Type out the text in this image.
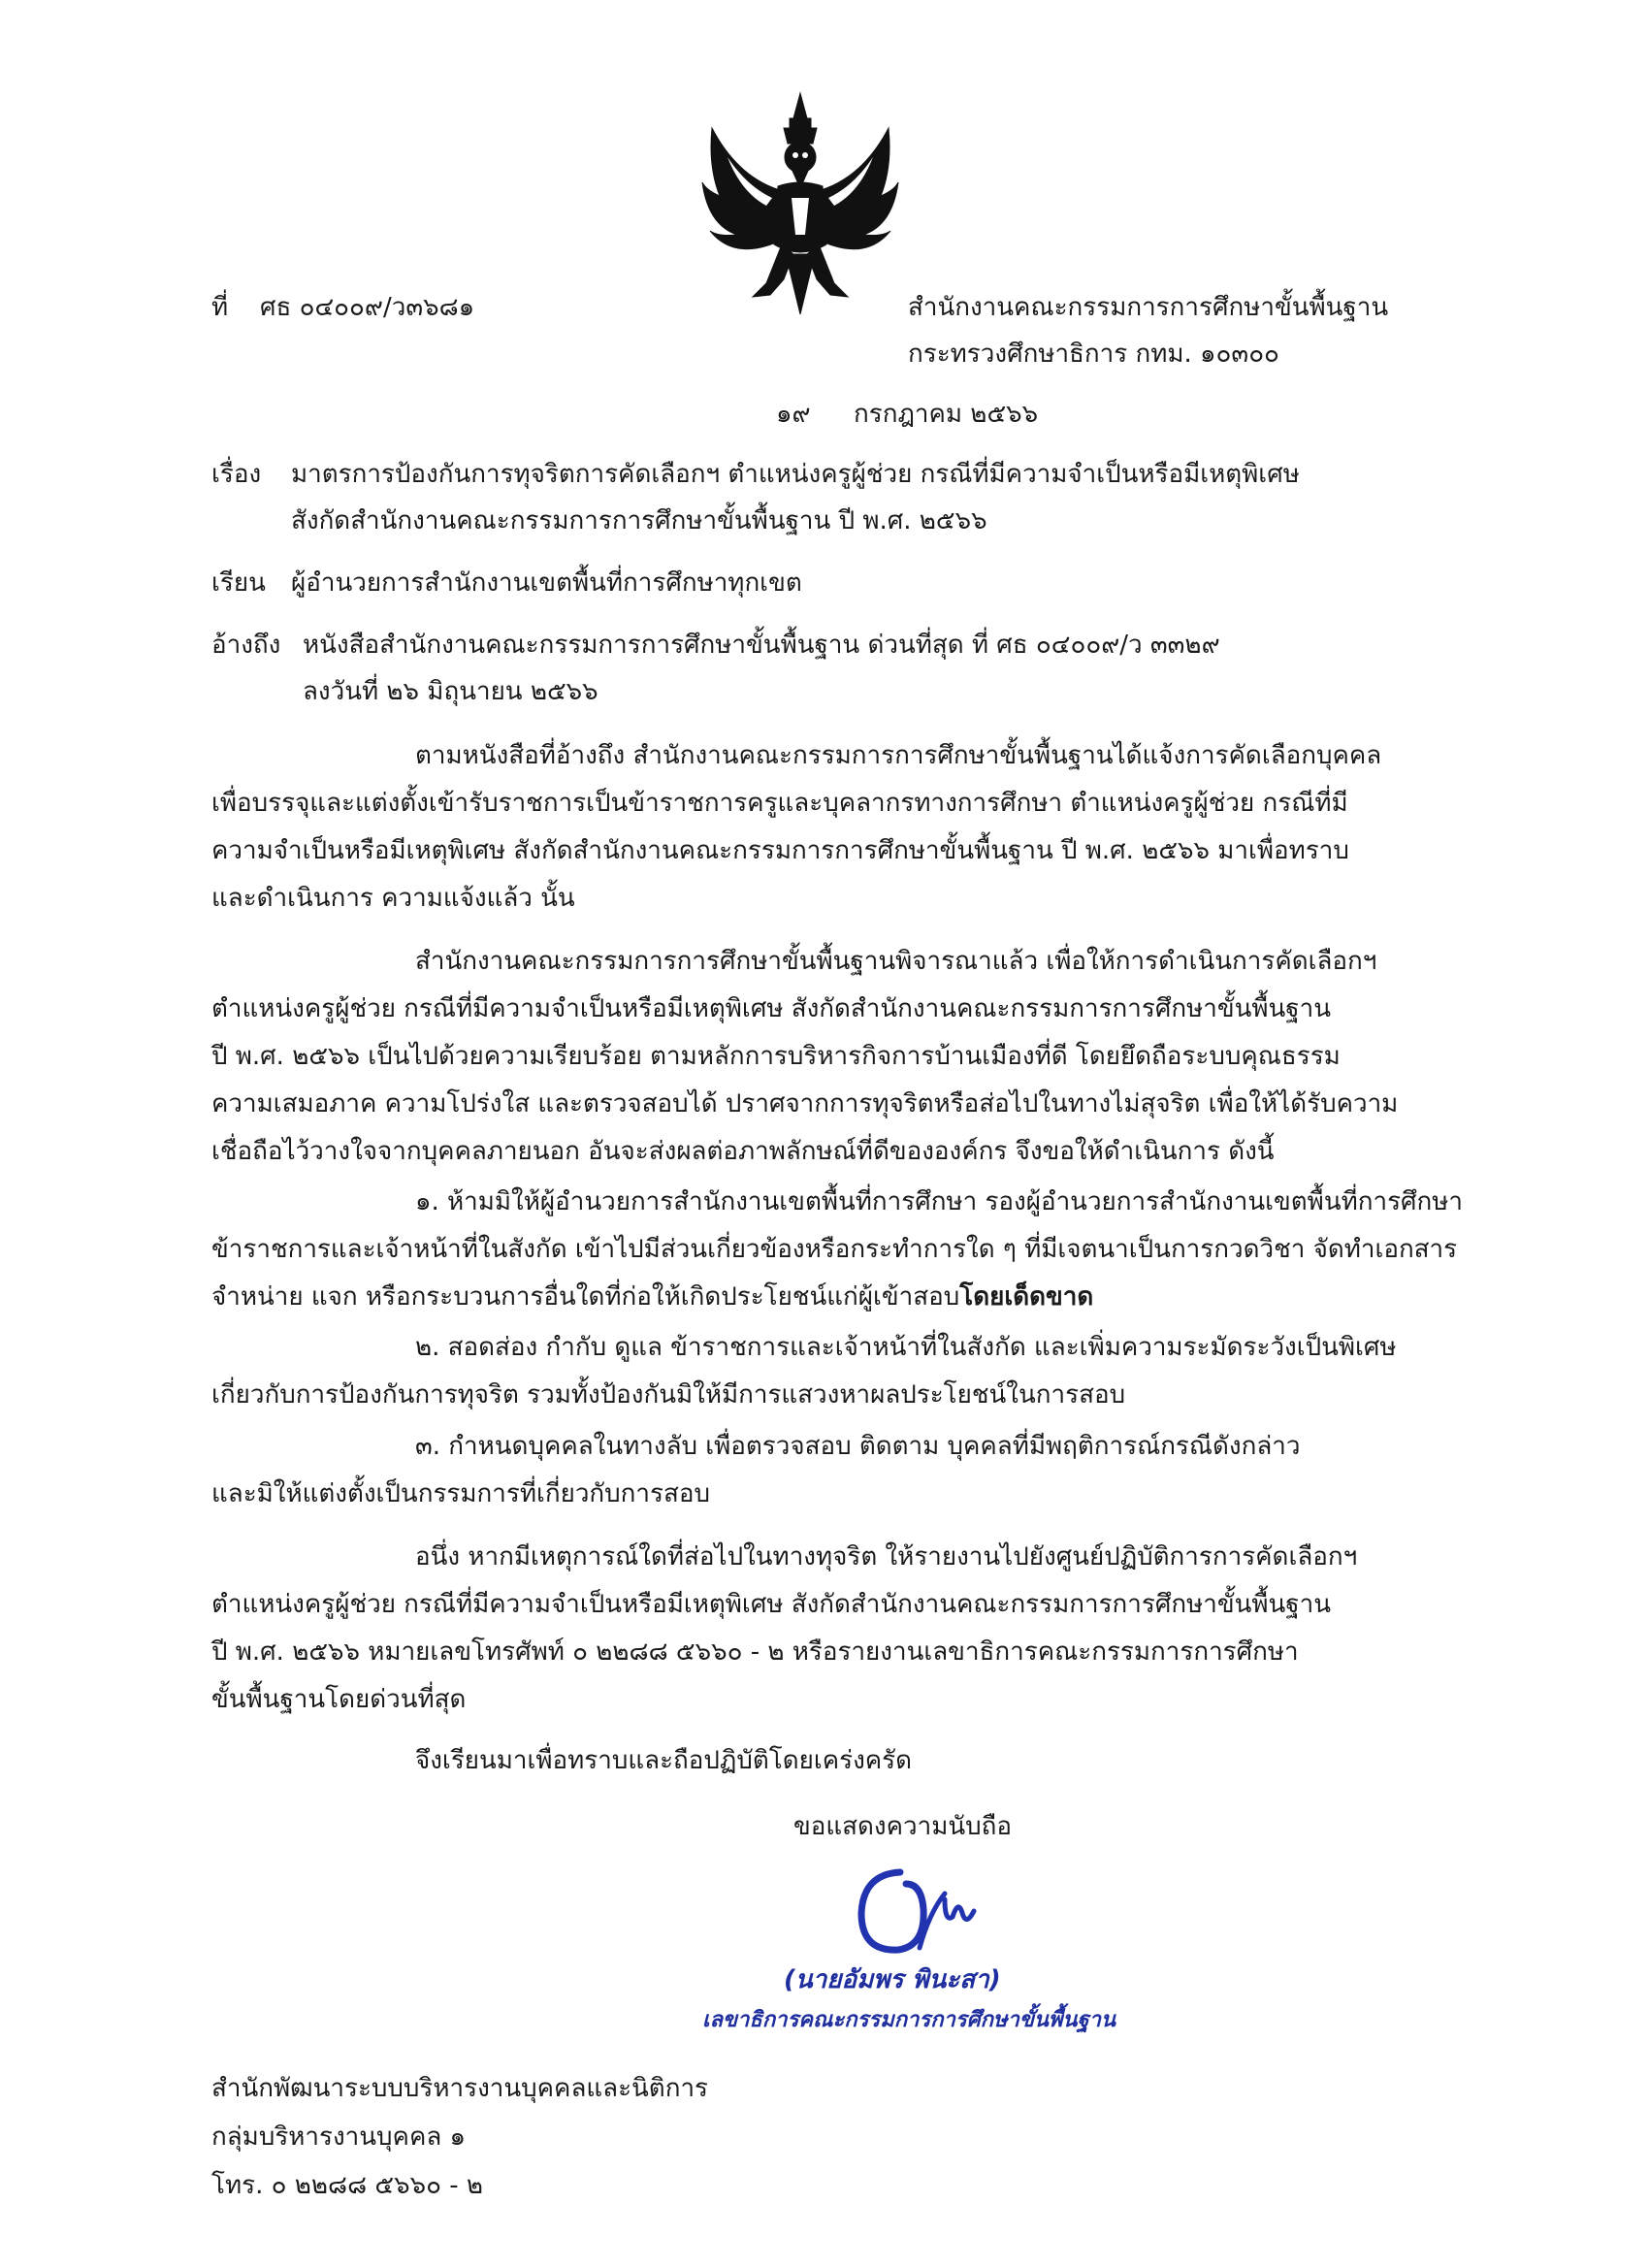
ที่ ศธ ๐๔๐๐๙/ว๓๖๘๑	สำนักงานคณะกรรมการการศึกษาขั้นพื้นฐาน
กระทรวงศึกษาธิการ กทม. ๑๐๓๐๐
๑๙ กรกฎาคม ๒๕๖๖
เรื่อง มาตรการป้องกันการทุจริตการคัดเลือกฯ ตำแหน่งครูผู้ช่วย กรณีที่มีความจำเป็นหรือมีเหตุพิเศษ
สังกัดสำนักงานคณะกรรมการการศึกษาขั้นพื้นฐาน ปี พ.ศ. ๒๕๖๖
เรียน ผู้อำนวยการสำนักงานเขตพื้นที่การศึกษาทุกเขต
อ้างถึง หนังสือสำนักงานคณะกรรมการการศึกษาขั้นพื้นฐาน ด่วนที่สุด ที่ ศธ ๐๔๐๐๙/ว ๓๓๒๙
ลงวันที่ ๒๖ มิถุนายน ๒๕๖๖
ตามหนังสือที่อ้างถึง สำนักงานคณะกรรมการการศึกษาขั้นพื้นฐานได้แจ้งการคัดเลือกบุคคล
เพื่อบรรจุและแต่งตั้งเข้ารับราชการเป็นข้าราชการครูและบุคลากรทางการศึกษา ตำแหน่งครูผู้ช่วย กรณีที่มี
ความจำเป็นหรือมีเหตุพิเศษ สังกัดสำนักงานคณะกรรมการการศึกษาขั้นพื้นฐาน ปี พ.ศ. ๒๕๖๖ มาเพื่อทราบ
และดำเนินการ ความแจ้งแล้ว นั้น
สำนักงานคณะกรรมการการศึกษาขั้นพื้นฐานพิจารณาแล้ว เพื่อให้การดำเนินการคัดเลือกฯ
ตำแหน่งครูผู้ช่วย กรณีที่มีความจำเป็นหรือมีเหตุพิเศษ สังกัดสำนักงานคณะกรรมการการศึกษาขั้นพื้นฐาน
ปี พ.ศ. ๒๕๖๖ เป็นไปด้วยความเรียบร้อย ตามหลักการบริหารกิจการบ้านเมืองที่ดี โดยยึดถือระบบคุณธรรม
ความเสมอภาค ความโปร่งใส และตรวจสอบได้ ปราศจากการทุจริตหรือส่อไปในทางไม่สุจริต เพื่อให้ได้รับความ
เชื่อถือไว้วางใจจากบุคคลภายนอก อันจะส่งผลต่อภาพลักษณ์ที่ดีขององค์กร จึงขอให้ดำเนินการ ดังนี้
๑. ห้ามมิให้ผู้อำนวยการสำนักงานเขตพื้นที่การศึกษา รองผู้อำนวยการสำนักงานเขตพื้นที่การศึกษา
ข้าราชการและเจ้าหน้าที่ในสังกัด เข้าไปมีส่วนเกี่ยวข้องหรือกระทำการใด ๆ ที่มีเจตนาเป็นการกวดวิชา จัดทำเอกสาร
จำหน่าย แจก หรือกระบวนการอื่นใดที่ก่อให้เกิดประโยชน์แก่ผู้เข้าสอบโดยเด็ดขาด
๒. สอดส่อง กำกับ ดูแล ข้าราชการและเจ้าหน้าที่ในสังกัด และเพิ่มความระมัดระวังเป็นพิเศษ
เกี่ยวกับการป้องกันการทุจริต รวมทั้งป้องกันมิให้มีการแสวงหาผลประโยชน์ในการสอบ
๓. กำหนดบุคคลในทางลับ เพื่อตรวจสอบ ติดตาม บุคคลที่มีพฤติการณ์กรณีดังกล่าว
และมิให้แต่งตั้งเป็นกรรมการที่เกี่ยวกับการสอบ
อนึ่ง หากมีเหตุการณ์ใดที่ส่อไปในทางทุจริต ให้รายงานไปยังศูนย์ปฏิบัติการการคัดเลือกฯ
ตำแหน่งครูผู้ช่วย กรณีที่มีความจำเป็นหรือมีเหตุพิเศษ สังกัดสำนักงานคณะกรรมการการศึกษาขั้นพื้นฐาน
ปี พ.ศ. ๒๕๖๖ หมายเลขโทรศัพท์ ๐ ๒๒๘๘ ๕๖๖๐ - ๒ หรือรายงานเลขาธิการคณะกรรมการการศึกษา
ขั้นพื้นฐานโดยด่วนที่สุด
จึงเรียนมาเพื่อทราบและถือปฏิบัติโดยเคร่งครัด
ขอแสดงความนับถือ
(นายอัมพร พินะสา)
เลขาธิการคณะกรรมการการศึกษาขั้นพื้นฐาน
สำนักพัฒนาระบบบริหารงานบุคคลและนิติการ
กลุ่มบริหารงานบุคคล ๑
โทร. ๐ ๒๒๘๘ ๕๖๖๐ - ๒
